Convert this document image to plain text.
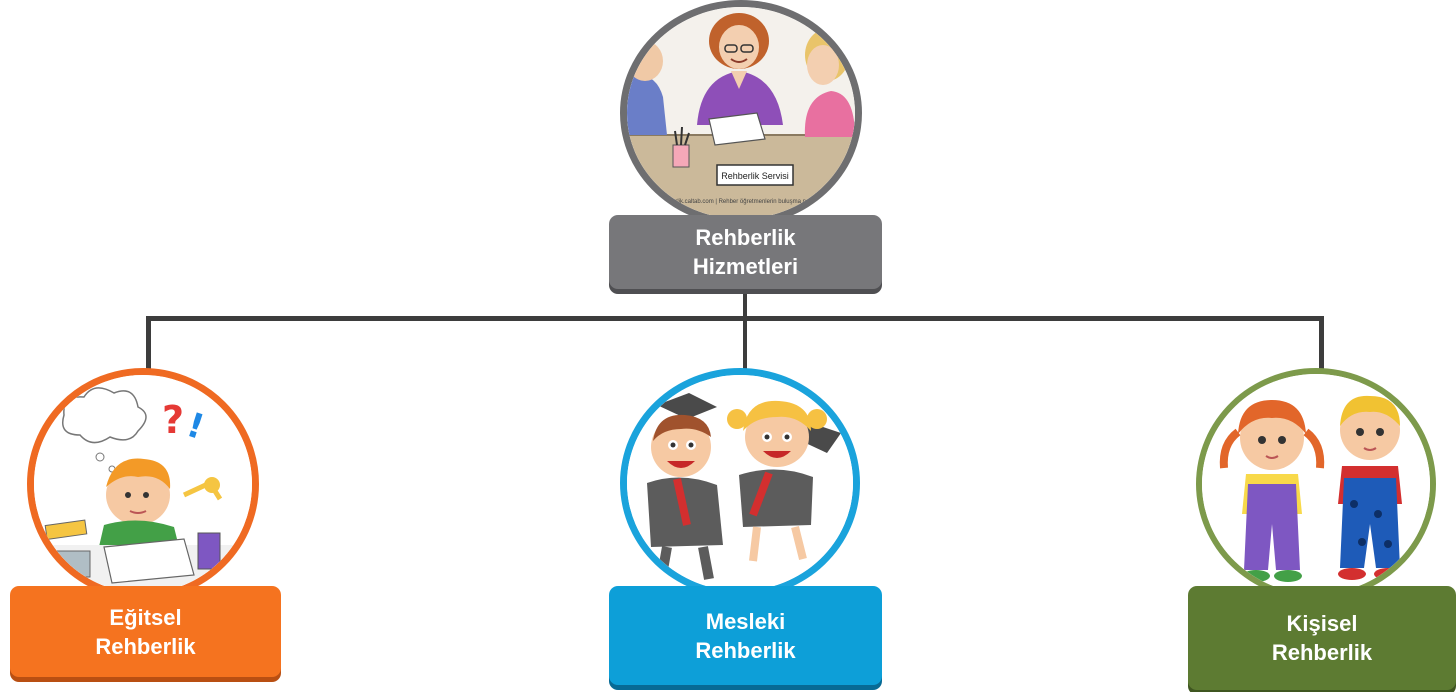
Rehberlik Servisi
rehberlik.caltab.com | Rehber öğretmenlerin buluşma noktası
Rehberlik
Hizmetleri
?
!
Eğitsel
Rehberlik
Mesleki
Rehberlik
Kişisel
Rehberlik
